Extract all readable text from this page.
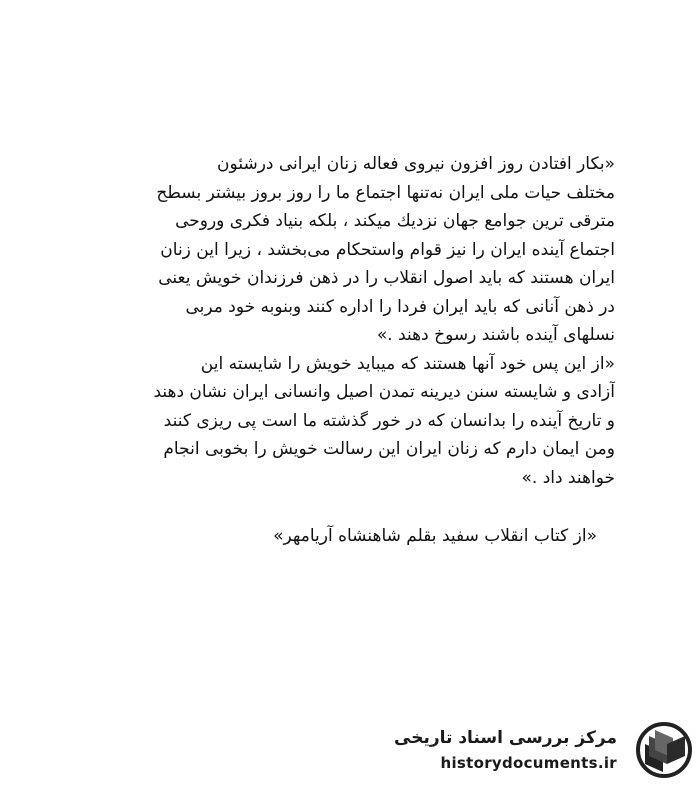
«بکار افتادن روز افزون نیروی فعاله زنان ایرانی درشئون
مختلف حیات ملی ایران نه‌تنها اجتماع ما را روز بروز بیشتر بسطح
مترقی ترین جوامع جهان نزدیك میکند ، بلکه بنیاد فکری وروحی
اجتماع آینده ایران را نیز قوام واستحکام می‌بخشد ، زیرا این زنان
ایران هستند که باید اصول انقلاب را در ذهن فرزندان خویش یعنی
در ذهن آنانی که باید ایران فردا را اداره کنند وبنوبه خود مربی
نسلهای آینده باشند رسوخ دهند .»
«از این پس خود آنها هستند که میباید خویش را شایسته این
آزادی و شایسته سنن دیرینه تمدن اصیل وانسانی ایران نشان دهند
و تاریخ آینده را بدانسان که در خور گذشته ما است پی ریزی کنند
ومن ایمان دارم که زنان ایران این رسالت خویش را بخوبی انجام
خواهند داد .»
«از کتاب انقلاب سفید بقلم شاهنشاه آریامهر»
مرکز بررسی اسناد تاریخی
historydocuments.ir
